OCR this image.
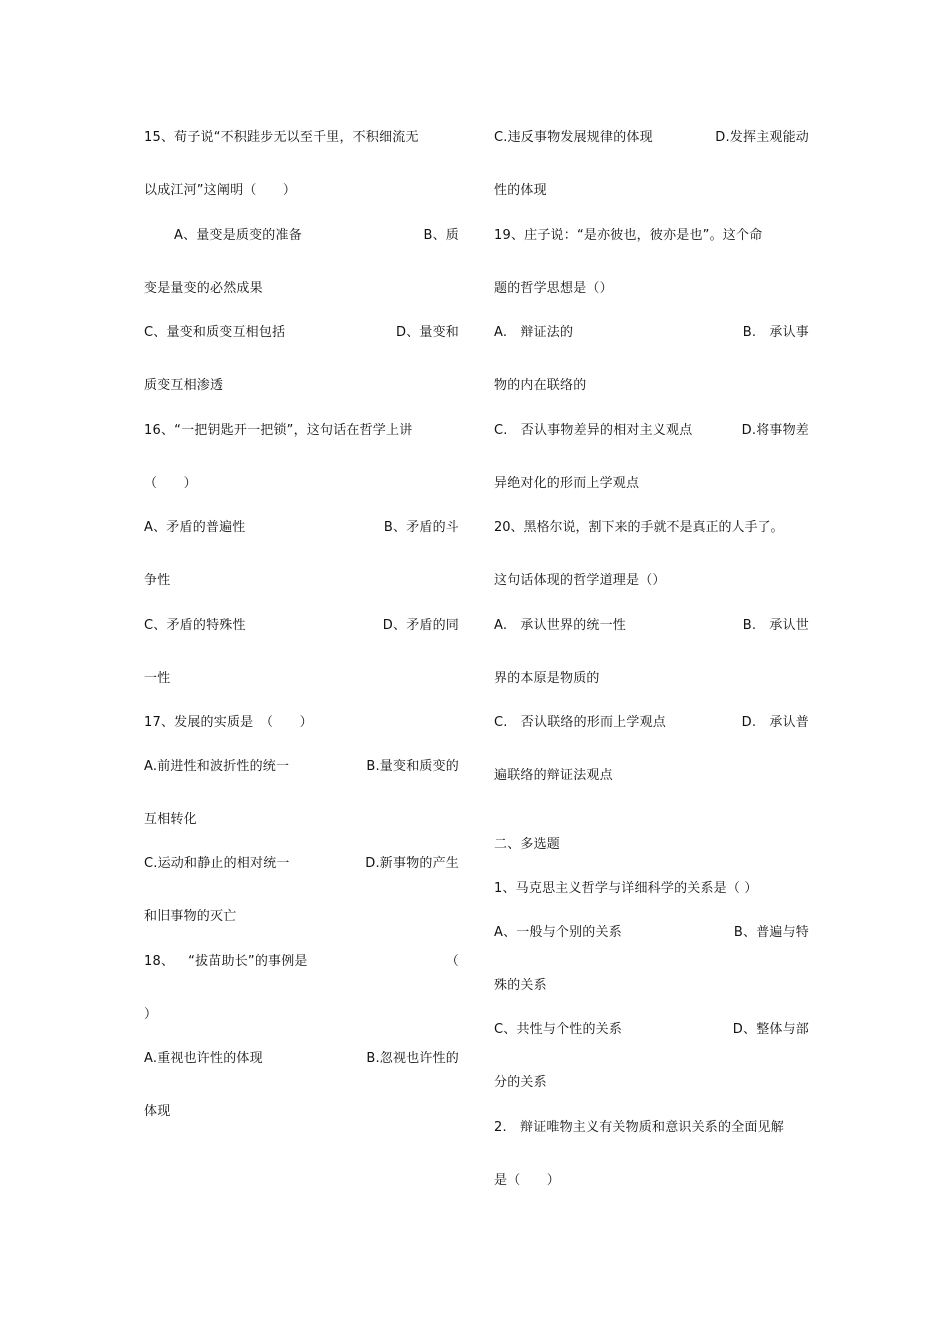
15、荀子说“不积跬步无以至千里，不积细流无
以成江河”这阐明（　　）
A、量变是质变的准备	B、质
变是量变的必然成果
C、量变和质变互相包括	D、量变和
质变互相渗透
16、“一把钥匙开一把锁”，这句话在哲学上讲
（　　）
A、矛盾的普遍性	B、矛盾的斗
争性
C、矛盾的特殊性	D、矛盾的同
一性
17、发展的实质是　（　　）
A.前进性和波折性的统一	B.量变和质变的
互相转化
C.运动和静止的相对统一	D.新事物的产生
和旧事物的灭亡
18、 “拔苗助长”的事例是	（
）
A.重视也许性的体现	B.忽视也许性的
体现
C.违反事物发展规律的体现	D.发挥主观能动
性的体现
19、庄子说：“是亦彼也，彼亦是也”。这个命
题的哲学思想是（）
A.　辩证法的	B.　承认事
物的内在联络的
C.　否认事物差异的相对主义观点	D.将事物差
异绝对化的形而上学观点
20、黑格尔说，割下来的手就不是真正的人手了。
这句话体现的哲学道理是（）
A.　承认世界的统一性	B.　承认世
界的本原是物质的
C.　否认联络的形而上学观点	D.　承认普
遍联络的辩证法观点
二、多选题
1、马克思主义哲学与详细科学的关系是（ ）
A、一般与个别的关系	B、普遍与特
殊的关系
C、共性与个性的关系	D、整体与部
分的关系
2.　辩证唯物主义有关物质和意识关系的全面见解
是（　　）
